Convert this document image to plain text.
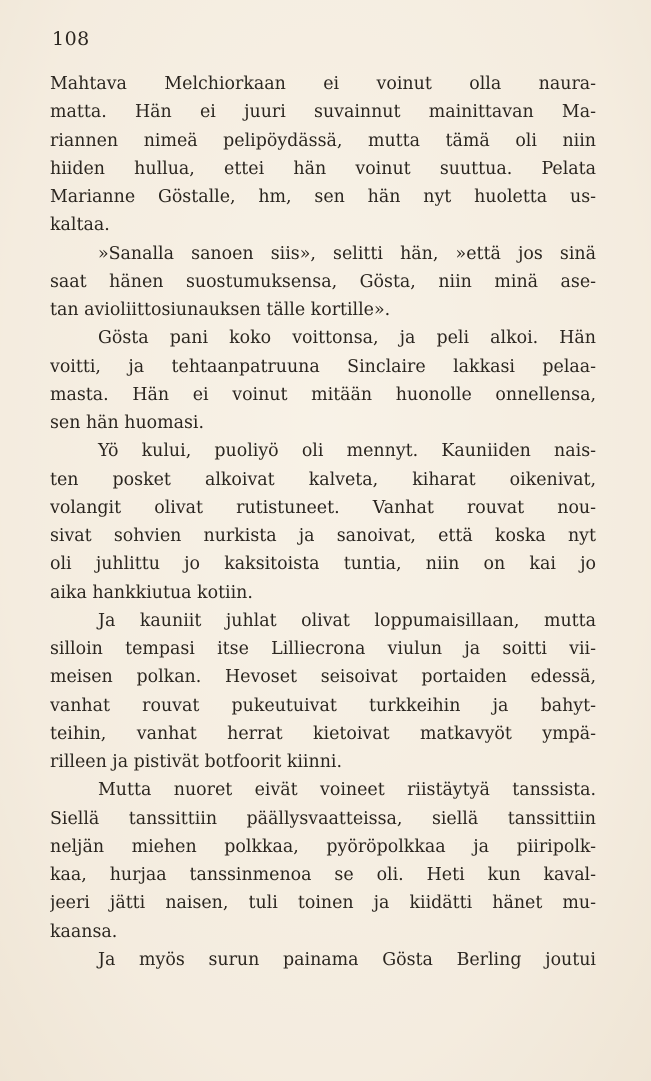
108
Mahtava Melchiorkaan ei voinut olla naura-
matta. Hän ei juuri suvainnut mainittavan Ma-
riannen nimeä pelipöydässä, mutta tämä oli niin
hiiden hullua, ettei hän voinut suuttua. Pelata
Marianne Göstalle, hm, sen hän nyt huoletta us-
kaltaa.
»Sanalla sanoen siis», selitti hän, »että jos sinä
saat hänen suostumuksensa, Gösta, niin minä ase-
tan avioliittosiunauksen tälle kortille».
Gösta pani koko voittonsa, ja peli alkoi. Hän
voitti, ja tehtaanpatruuna Sinclaire lakkasi pelaa-
masta. Hän ei voinut mitään huonolle onnellensa,
sen hän huomasi.
Yö kului, puoliyö oli mennyt. Kauniiden nais-
ten posket alkoivat kalveta, kiharat oikenivat,
volangit olivat rutistuneet. Vanhat rouvat nou-
sivat sohvien nurkista ja sanoivat, että koska nyt
oli juhlittu jo kaksitoista tuntia, niin on kai jo
aika hankkiutua kotiin.
Ja kauniit juhlat olivat loppumaisillaan, mutta
silloin tempasi itse Lilliecrona viulun ja soitti vii-
meisen polkan. Hevoset seisoivat portaiden edessä,
vanhat rouvat pukeutuivat turkkeihin ja bahyt-
teihin, vanhat herrat kietoivat matkavyöt ympä-
rilleen ja pistivät botfoorit kiinni.
Mutta nuoret eivät voineet riistäytyä tanssista.
Siellä tanssittiin päällysvaatteissa, siellä tanssittiin
neljän miehen polkkaa, pyöröpolkkaa ja piiripolk-
kaa, hurjaa tanssinmenoa se oli. Heti kun kaval-
jeeri jätti naisen, tuli toinen ja kiidätti hänet mu-
kaansa.
Ja myös surun painama Gösta Berling joutui
